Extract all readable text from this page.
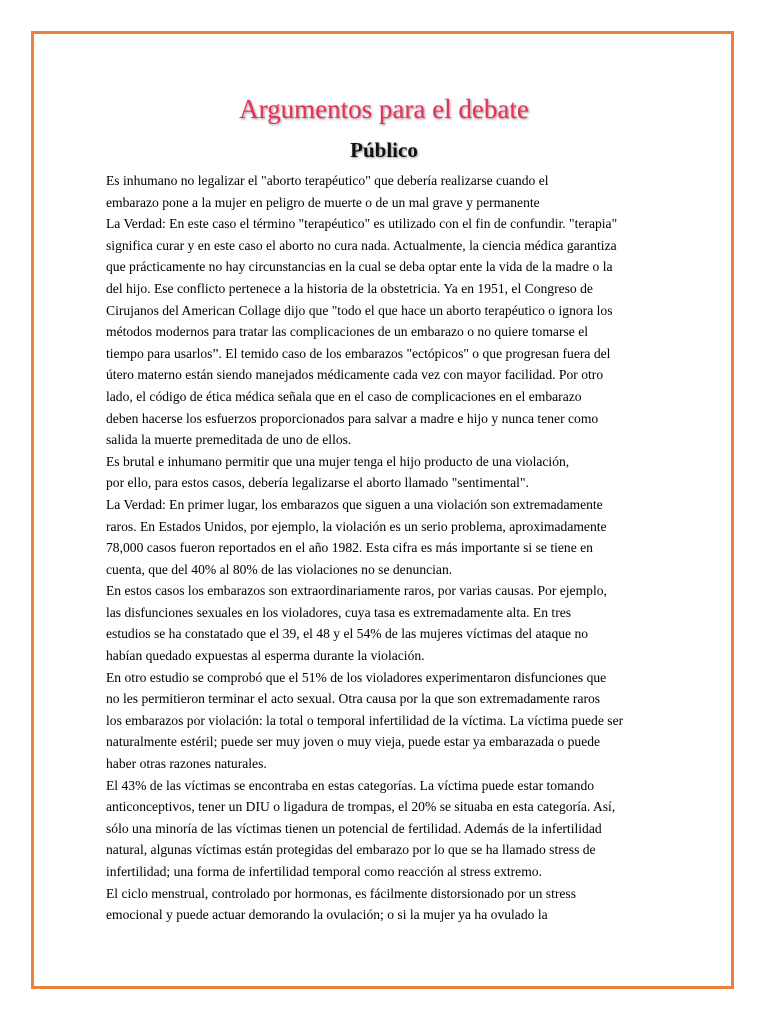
Argumentos para el debate
Público
Es inhumano no legalizar el "aborto terapéutico" que debería realizarse cuando el
embarazo pone a la mujer en peligro de muerte o de un mal grave y permanente
La Verdad: En este caso el término "terapéutico" es utilizado con el fin de confundir. "terapia"
significa curar y en este caso el aborto no cura nada. Actualmente, la ciencia médica garantiza
que prácticamente no hay circunstancias en la cual se deba optar ente la vida de la madre o la
del hijo. Ese conflicto pertenece a la historia de la obstetricia. Ya en 1951, el Congreso de
Cirujanos del American Collage dijo que "todo el que hace un aborto terapéutico o ignora los
métodos modernos para tratar las complicaciones de un embarazo o no quiere tomarse el
tiempo para usarlos”. El temido caso de los embarazos "ectópicos" o que progresan fuera del
útero materno están siendo manejados médicamente cada vez con mayor facilidad. Por otro
lado, el código de ética médica señala que en el caso de complicaciones en el embarazo
deben hacerse los esfuerzos proporcionados para salvar a madre e hijo y nunca tener como
salida la muerte premeditada de uno de ellos.
Es brutal e inhumano permitir que una mujer tenga el hijo producto de una violación,
por ello, para estos casos, debería legalizarse el aborto llamado "sentimental".
La Verdad: En primer lugar, los embarazos que siguen a una violación son extremadamente
raros. En Estados Unidos, por ejemplo, la violación es un serio problema, aproximadamente
78,000 casos fueron reportados en el año 1982. Esta cifra es más importante si se tiene en
cuenta, que del 40% al 80% de las violaciones no se denuncian.
En estos casos los embarazos son extraordinariamente raros, por varias causas. Por ejemplo,
las disfunciones sexuales en los violadores, cuya tasa es extremadamente alta. En tres
estudios se ha constatado que el 39, el 48 y el 54% de las mujeres víctimas del ataque no
habían quedado expuestas al esperma durante la violación.
En otro estudio se comprobó que el 51% de los violadores experimentaron disfunciones que
no les permitieron terminar el acto sexual. Otra causa por la que son extremadamente raros
los embarazos por violación: la total o temporal infertilidad de la víctima. La víctima puede ser
naturalmente estéril; puede ser muy joven o muy vieja, puede estar ya embarazada o puede
haber otras razones naturales.
El 43% de las víctimas se encontraba en estas categorías. La víctima puede estar tomando
anticonceptivos, tener un DIU o ligadura de trompas, el 20% se situaba en esta categoría. Así,
sólo una minoría de las víctimas tienen un potencial de fertilidad. Además de la infertilidad
natural, algunas víctimas están protegidas del embarazo por lo que se ha llamado stress de
infertilidad; una forma de infertilidad temporal como reacción al stress extremo.
El ciclo menstrual, controlado por hormonas, es fácilmente distorsionado por un stress
emocional y puede actuar demorando la ovulación; o si la mujer ya ha ovulado la
